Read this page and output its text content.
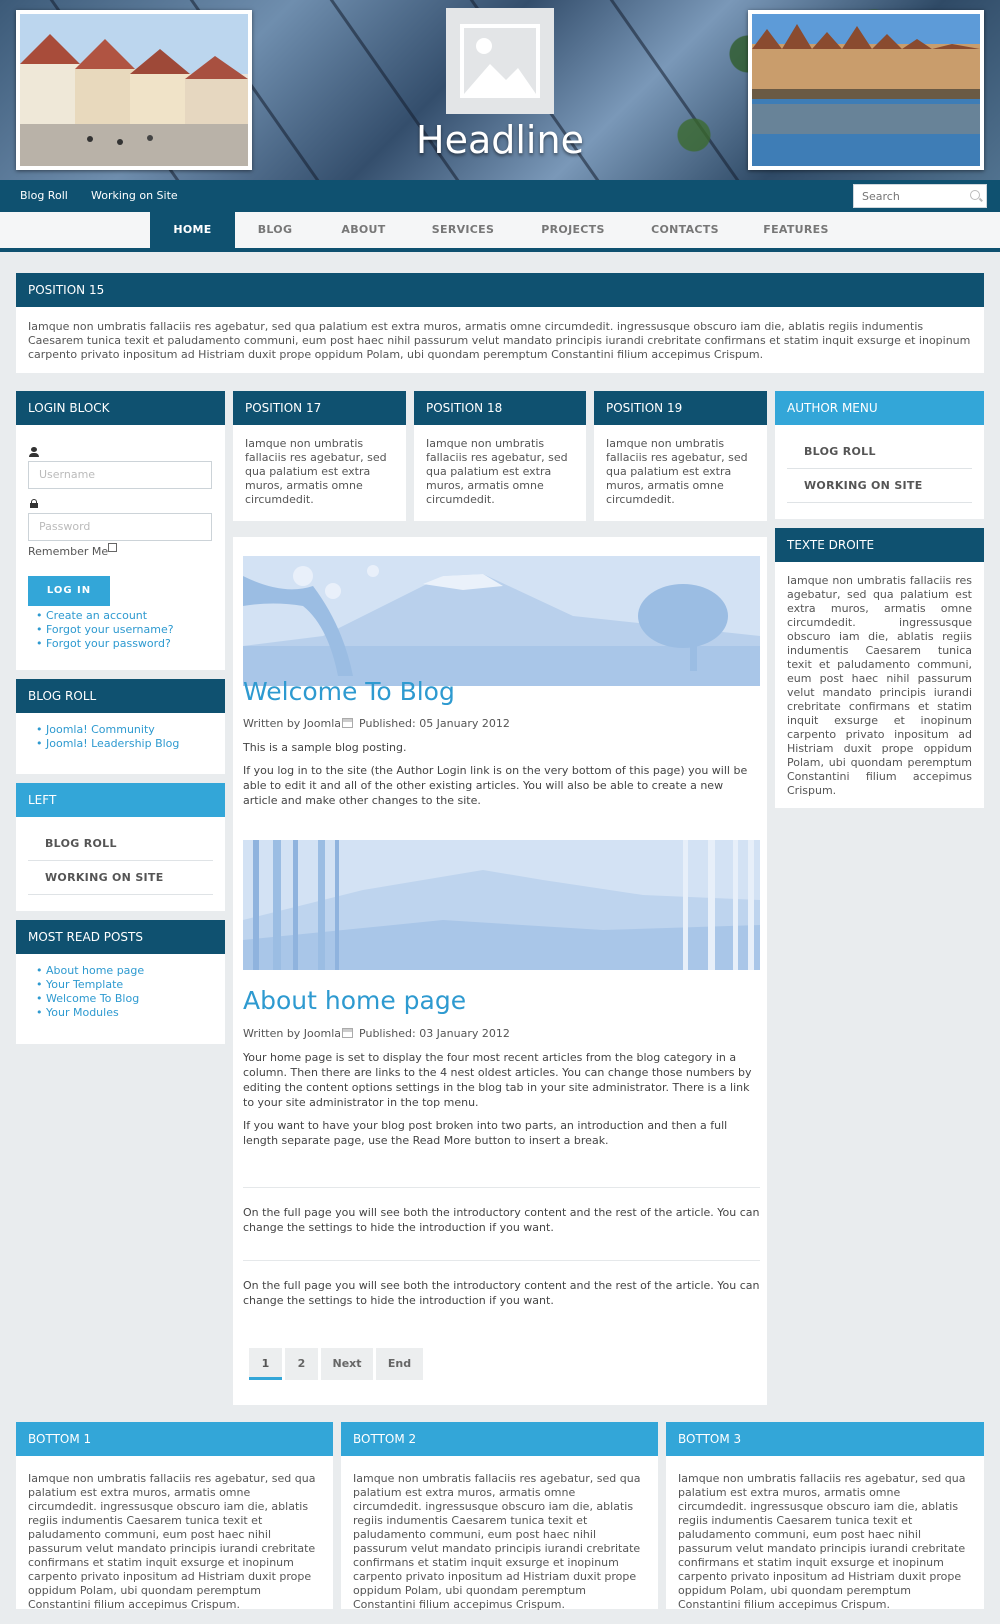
Headline
Blog Roll Working on Site
Search
HOME	BLOG	ABOUT	SERVICES	PROJECTS	CONTACTS	FEATURES
POSITION 15
Iamque non umbratis fallaciis res agebatur, sed qua palatium est extra muros, armatis omne circumdedit. ingressusque obscuro iam die, ablatis regiis indumentis Caesarem tunica texit et paludamento communi, eum post haec nihil passurum velut mandato principis iurandi crebritate confirmans et statim inquit exsurge et inopinum carpento privato inpositum ad Histriam duxit prope oppidum Polam, ubi quondam peremptum Constantini filium accepimus Crispum.
LOGIN BLOCK
Username
Password
Remember Me
LOG IN
• Create an account
• Forgot your username?
• Forgot your password?
BLOG ROLL
• Joomla! Community
• Joomla! Leadership Blog
LEFT
BLOG ROLL
WORKING ON SITE
MOST READ POSTS
• About home page
• Your Template
• Welcome To Blog
• Your Modules
POSITION 17
Iamque non umbratis fallaciis res agebatur, sed qua palatium est extra muros, armatis omne circumdedit.
POSITION 18
Iamque non umbratis fallaciis res agebatur, sed qua palatium est extra muros, armatis omne circumdedit.
POSITION 19
Iamque non umbratis fallaciis res agebatur, sed qua palatium est extra muros, armatis omne circumdedit.
AUTHOR MENU
BLOG ROLL
WORKING ON SITE
TEXTE DROITE
Iamque non umbratis fallaciis res agebatur, sed qua palatium est extra muros, armatis omne circumdedit. ingressusque obscuro iam die, ablatis regiis indumentis Caesarem tunica texit et paludamento communi, eum post haec nihil passurum velut mandato principis iurandi crebritate confirmans et statim inquit exsurge et inopinum carpento privato inpositum ad Histriam duxit prope oppidum Polam, ubi quondam peremptum Constantini filium accepimus Crispum.
Welcome To Blog
Written by Joomla Published: 05 January 2012
This is a sample blog posting.
If you log in to the site (the Author Login link is on the very bottom of this page) you will be able to edit it and all of the other existing articles. You will also be able to create a new article and make other changes to the site.
About home page
Written by Joomla Published: 03 January 2012
Your home page is set to display the four most recent articles from the blog category in a column. Then there are links to the 4 nest oldest articles. You can change those numbers by editing the content options settings in the blog tab in your site administrator. There is a link to your site administrator in the top menu.
If you want to have your blog post broken into two parts, an introduction and then a full length separate page, use the Read More button to insert a break.
On the full page you will see both the introductory content and the rest of the article. You can change the settings to hide the introduction if you want.
On the full page you will see both the introductory content and the rest of the article. You can change the settings to hide the introduction if you want.
1	2	Next	End
BOTTOM 1
Iamque non umbratis fallaciis res agebatur, sed qua palatium est extra muros, armatis omne circumdedit. ingressusque obscuro iam die, ablatis regiis indumentis Caesarem tunica texit et paludamento communi, eum post haec nihil passurum velut mandato principis iurandi crebritate confirmans et statim inquit exsurge et inopinum carpento privato inpositum ad Histriam duxit prope oppidum Polam, ubi quondam peremptum Constantini filium accepimus Crispum.
BOTTOM 2
Iamque non umbratis fallaciis res agebatur, sed qua palatium est extra muros, armatis omne circumdedit. ingressusque obscuro iam die, ablatis regiis indumentis Caesarem tunica texit et paludamento communi, eum post haec nihil passurum velut mandato principis iurandi crebritate confirmans et statim inquit exsurge et inopinum carpento privato inpositum ad Histriam duxit prope oppidum Polam, ubi quondam peremptum Constantini filium accepimus Crispum.
BOTTOM 3
Iamque non umbratis fallaciis res agebatur, sed qua palatium est extra muros, armatis omne circumdedit. ingressusque obscuro iam die, ablatis regiis indumentis Caesarem tunica texit et paludamento communi, eum post haec nihil passurum velut mandato principis iurandi crebritate confirmans et statim inquit exsurge et inopinum carpento privato inpositum ad Histriam duxit prope oppidum Polam, ubi quondam peremptum Constantini filium accepimus Crispum.
